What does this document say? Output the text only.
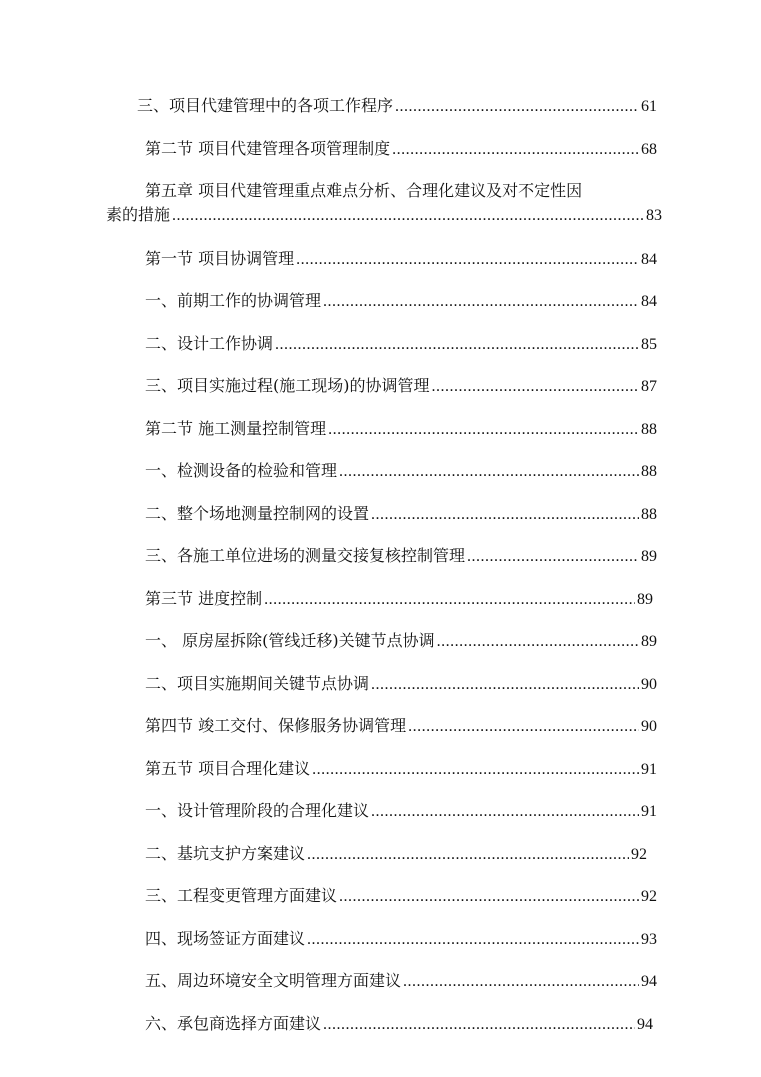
三、项目代建管理中的各项工作程序 .....	61
第二节 项目代建管理各项管理制度 .....	68
第五章 项目代建管理重点难点分析、合理化建议及对不定性因
素的措施 .....	83
第一节 项目协调管理 .....	84
一、前期工作的协调管理 .....	84
二、设计工作协调 .....	85
三、项目实施过程(施工现场)的协调管理 .....	87
第二节 施工测量控制管理 .....	88
一、检测设备的检验和管理 .....	88
二、整个场地测量控制网的设置 .....	88
三、各施工单位进场的测量交接复核控制管理 .....	89
第三节 进度控制 .....	89
一、 原房屋拆除(管线迁移)关键节点协调 .....	89
二、项目实施期间关键节点协调 .....	90
第四节 竣工交付、保修服务协调管理 .....	90
第五节 项目合理化建议 .....	91
一、设计管理阶段的合理化建议 .....	91
二、基坑支护方案建议 .....	92
三、工程变更管理方面建议 .....	92
四、现场签证方面建议 .....	93
五、周边环境安全文明管理方面建议 .....	94
六、承包商选择方面建议 .....	94
